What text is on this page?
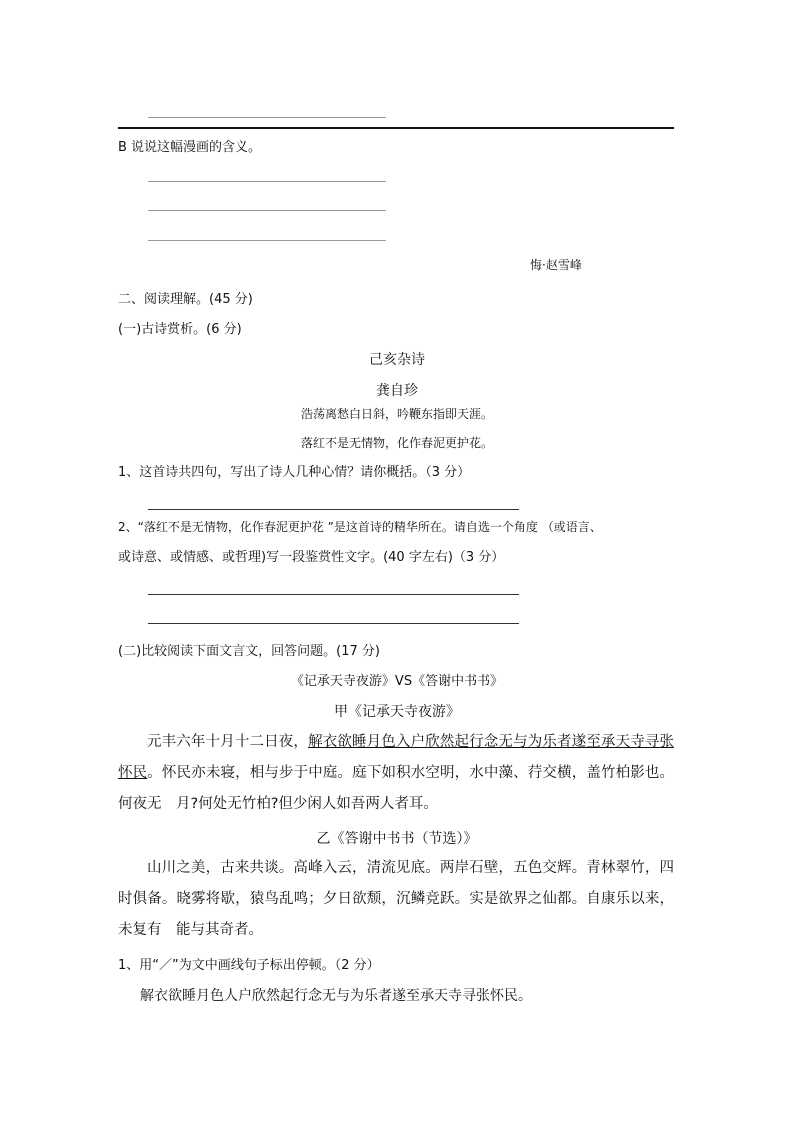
B 说说这幅漫画的含义。
悔·赵雪峰
二、阅读理解。(45 分)
(一)古诗赏析。(6 分)
己亥杂诗
龚自珍
浩荡离愁白日斜，吟鞭东指即天涯。
落红不是无情物，化作春泥更护花。
1、这首诗共四句，写出了诗人几种心情？请你概括。（3 分）
2、“落红不是无情物，化作春泥更护花 ”是这首诗的精华所在。请自选一个角度 （或语言、
或诗意、或情感、或哲理)写一段鉴赏性文字。(40 字左右)（3 分）
(二)比较阅读下面文言文，回答问题。(17 分)
《记承天寺夜游》VS《答谢中书书》
甲《记承天寺夜游》
元丰六年十月十二日夜，解衣欲睡月色入户欣然起行念无与为乐者遂至承天寺寻张怀民。怀民亦未寝，相与步于中庭。庭下如积水空明，水中藻、荇交横，盖竹柏影也。何夜无　月?何处无竹柏?但少闲人如吾两人者耳。
乙《答谢中书书（节选）》
山川之美，古来共谈。高峰入云，清流见底。两岸石壁，五色交辉。青林翠竹，四时俱备。晓雾将歇，猿鸟乱鸣；夕日欲颓，沉鳞竞跃。实是欲界之仙都。自康乐以来，未复有　能与其奇者。
1、用“／”为文中画线句子标出停顿。（2 分）
解衣欲睡月色人户欣然起行念无与为乐者遂至承天寺寻张怀民。
